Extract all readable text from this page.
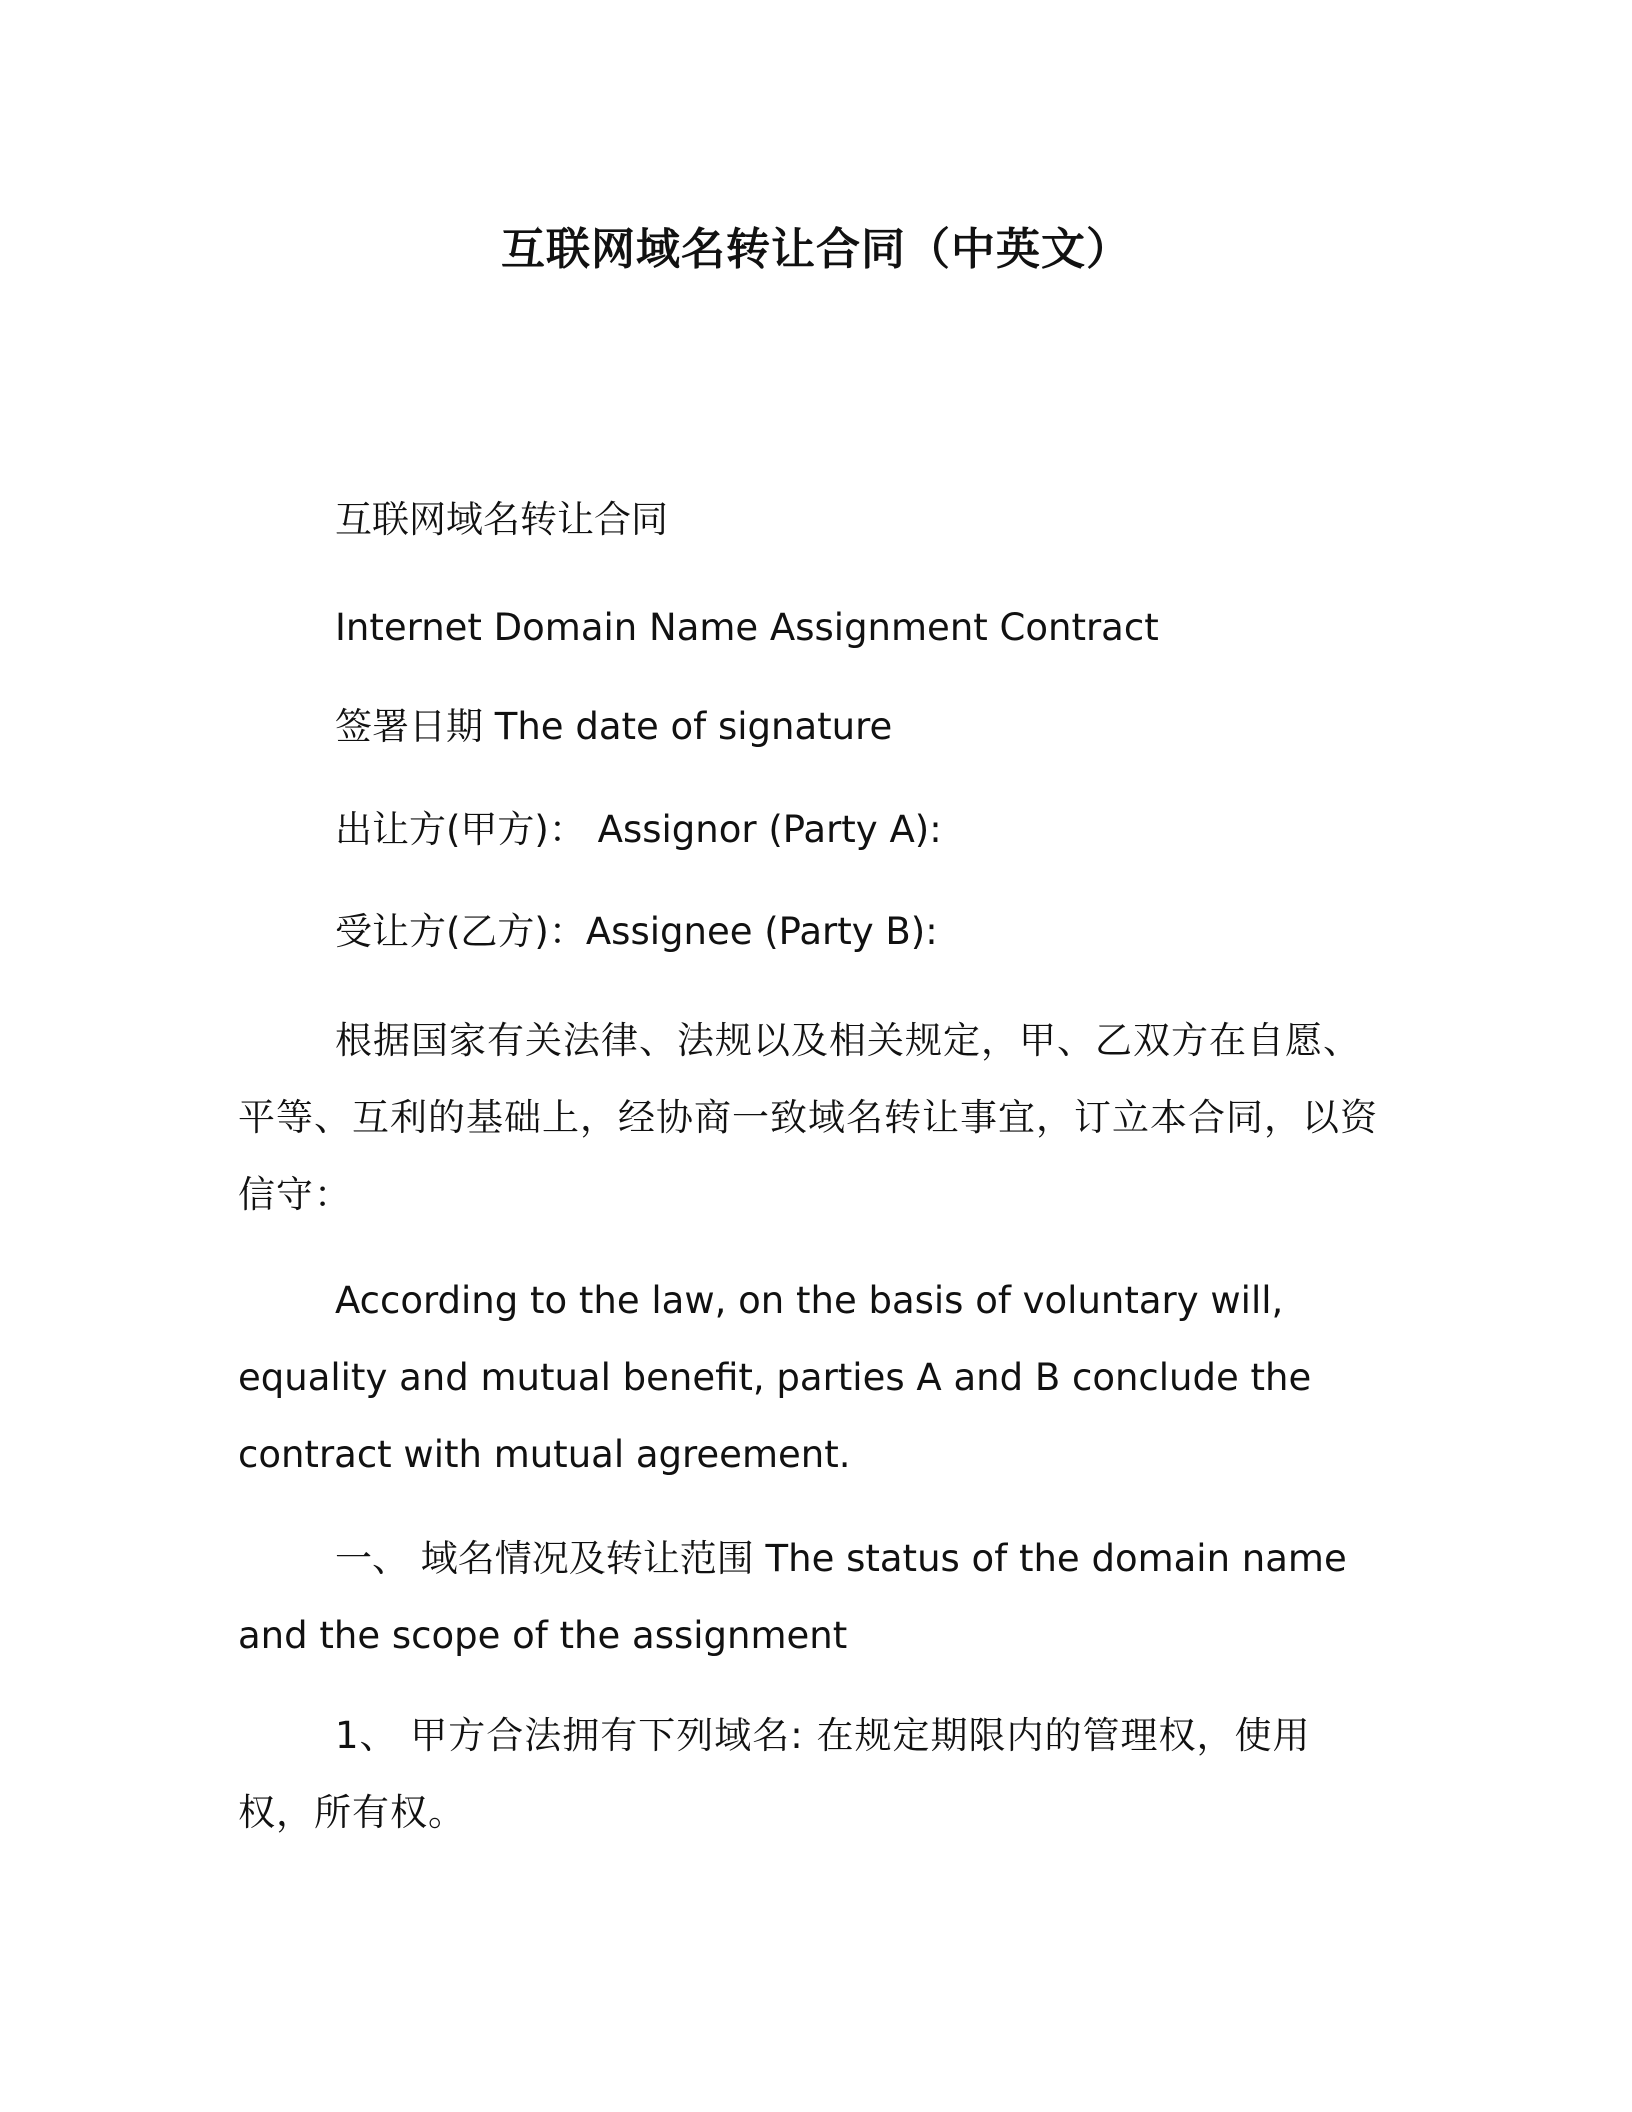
互联网域名转让合同（中英文）
互联网域名转让合同
Internet Domain Name Assignment Contract
签署日期 The date of signature
出让方(甲方)： Assignor (Party A):
受让方(乙方)：Assignee (Party B):
根据国家有关法律、法规以及相关规定，甲、乙双方在自愿、平等、互利的基础上，经协商一致域名转让事宜，订立本合同，以资信守：
According to the law, on the basis of voluntary will, equality and mutual benefit, parties A and B conclude the contract with mutual agreement.
一、 域名情况及转让范围 The status of the domain name and the scope of the assignment
1、 甲方合法拥有下列域名: 在规定期限内的管理权，使用权，所有权。
